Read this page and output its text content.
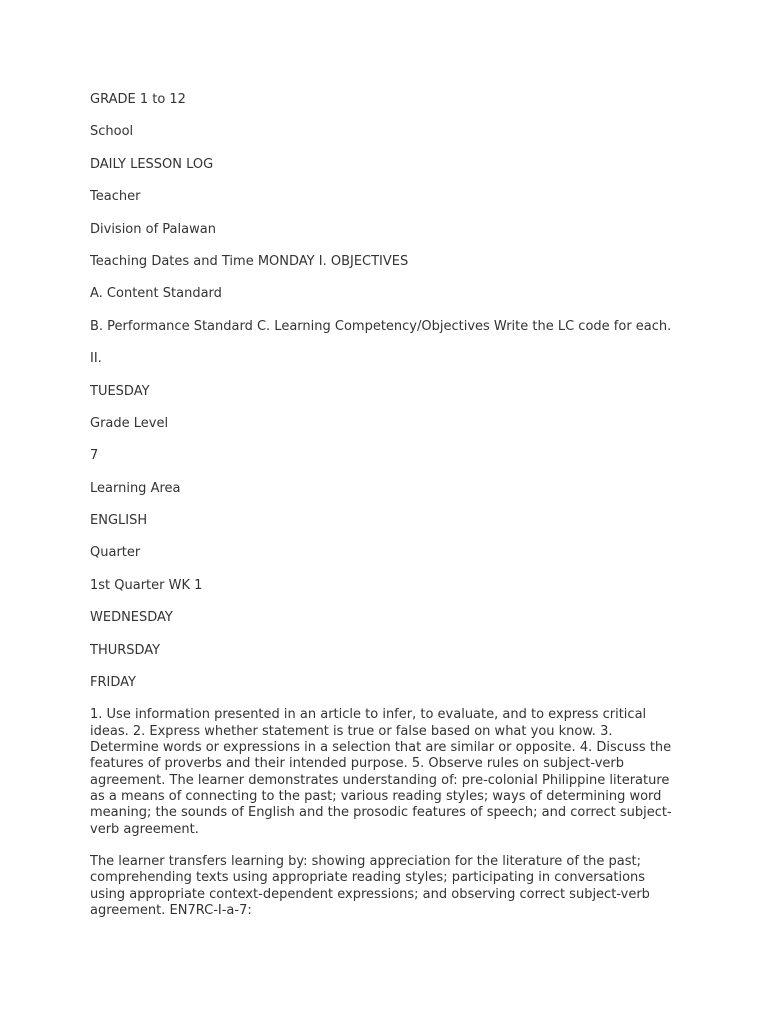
GRADE 1 to 12
School
DAILY LESSON LOG
Teacher
Division of Palawan
Teaching Dates and Time MONDAY I. OBJECTIVES
A. Content Standard
B. Performance Standard C. Learning Competency/Objectives Write the LC code for each.
II.
TUESDAY
Grade Level
7
Learning Area
ENGLISH
Quarter
1st Quarter WK 1
WEDNESDAY
THURSDAY
FRIDAY
1. Use information presented in an article to infer, to evaluate, and to express critical ideas. 2. Express whether statement is true or false based on what you know. 3. Determine words or expressions in a selection that are similar or opposite. 4. Discuss the features of proverbs and their intended purpose. 5. Observe rules on subject-verb agreement. The learner demonstrates understanding of: pre-colonial Philippine literature as a means of connecting to the past; various reading styles; ways of determining word meaning; the sounds of English and the prosodic features of speech; and correct subject-verb agreement.
The learner transfers learning by: showing appreciation for the literature of the past; comprehending texts using appropriate reading styles; participating in conversations using appropriate context-dependent expressions; and observing correct subject-verb agreement. EN7RC-I-a-7:
